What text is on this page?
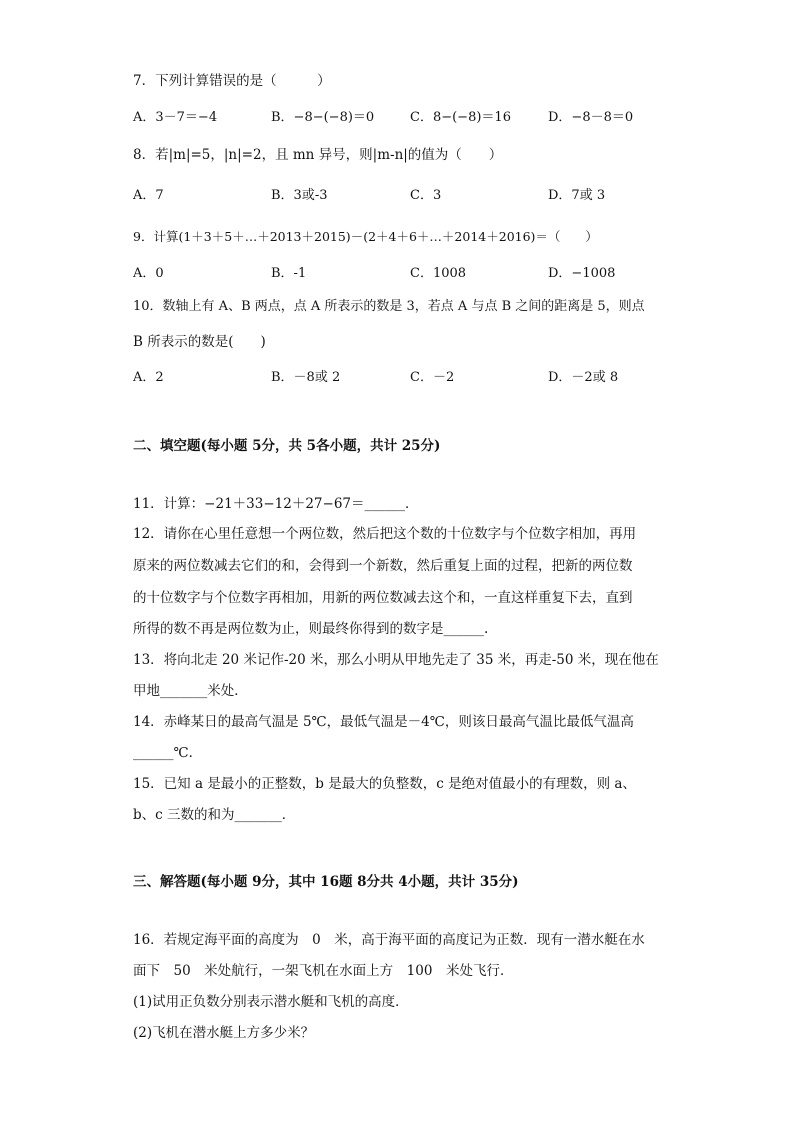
7．下列计算错误的是（　　　）
A．3－7＝−4	B．−8−(−8)＝0	C．8−(−8)＝16	D．−8－8＝0
8．若|m|=5，|n|=2，且 mn 异号，则|m-n|的值为（　　）
A．7	B．3或-3	C．3	D．7或 3
9．计算(1＋3＋5＋…＋2013＋2015)－(2＋4＋6＋…＋2014＋2016)＝（　　）
A．0	B．-1	C．1008	D．−1008
10．数轴上有 A、B 两点，点 A 所表示的数是 3，若点 A 与点 B 之间的距离是 5，则点
B 所表示的数是(　　)
A．2	B．－8或 2	C．－2	D．－2或 8
二、填空题(每小题 5分，共 5各小题，共计 25分)
11．计算：−21＋33−12＋27−67＝______．
12．请你在心里任意想一个两位数，然后把这个数的十位数字与个位数字相加，再用
原来的两位数减去它们的和，会得到一个新数，然后重复上面的过程，把新的两位数
的十位数字与个位数字再相加，用新的两位数减去这个和，一直这样重复下去，直到
所得的数不再是两位数为止，则最终你得到的数字是______.
13．将向北走 20 米记作-20 米，那么小明从甲地先走了 35 米，再走-50 米，现在他在
甲地_______米处．
14．赤峰某日的最高气温是 5℃，最低气温是－4℃，则该日最高气温比最低气温高
______℃．
15．已知 a 是最小的正整数，b 是最大的负整数，c 是绝对值最小的有理数，则 a、
b、c 三数的和为_______．
三、解答题(每小题 9分，其中 16题 8分共 4小题，共计 35分)
16．若规定海平面的高度为　0　米，高于海平面的高度记为正数．现有一潜水艇在水
面下　50　米处航行，一架飞机在水面上方　100　米处飞行．
(1)试用正负数分别表示潜水艇和飞机的高度．
(2)飞机在潜水艇上方多少米？
